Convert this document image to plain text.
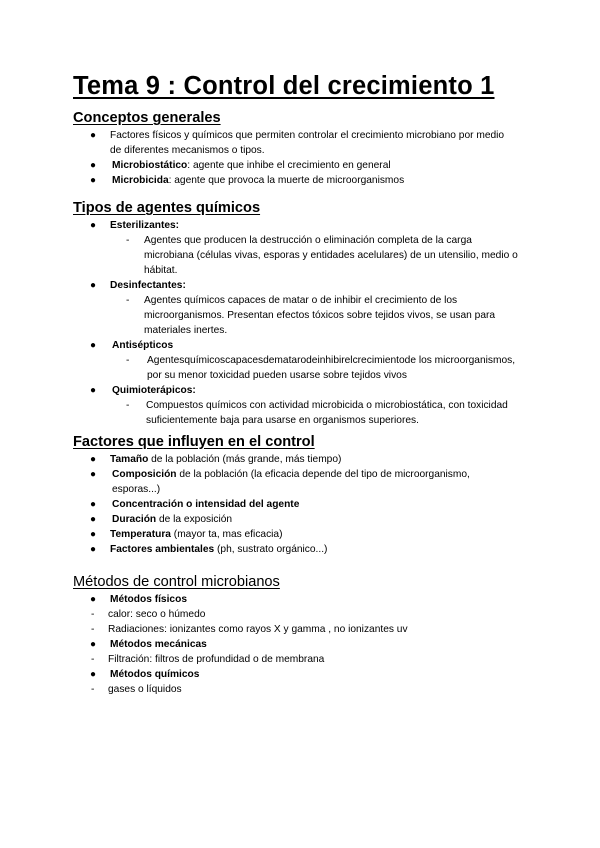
Tema 9 : Control del crecimiento 1
Conceptos generales
● Factores físicos y químicos que permiten controlar el crecimiento microbiano por medio de diferentes mecanismos o tipos.
● Microbiostático: agente que inhibe el crecimiento en general
● Microbicida: agente que provoca la muerte de microorganismos
Tipos de agentes químicos
● Esterilizantes:
- Agentes que producen la destrucción o eliminación completa de la carga microbiana (células vivas, esporas y entidades acelulares) de un utensilio, medio o hábitat.
● Desinfectantes:
- Agentes químicos capaces de matar o de inhibir el crecimiento de los microorganismos. Presentan efectos tóxicos sobre tejidos vivos, se usan para materiales inertes.
● Antisépticos
- Agentesquímicoscapacesdematarodeinhibirelcrecimientode los microorganismos, por su menor toxicidad pueden usarse sobre tejidos vivos
● Quimioterápicos:
- Compuestos químicos con actividad microbicida o microbiostática, con toxicidad suficientemente baja para usarse en organismos superiores.
Factores que influyen en el control
● Tamaño de la población (más grande, más tiempo)
● Composición de la población (la eficacia depende del tipo de microorganismo, esporas...)
● Concentración o intensidad del agente
● Duración de la exposición
● Temperatura (mayor ta, mas eficacia)
● Factores ambientales (ph, sustrato orgánico...)
Métodos de control microbianos
● Métodos físicos
- calor: seco o húmedo
- Radiaciones: ionizantes como rayos X y gamma , no ionizantes uv
● Métodos mecánicas
- Filtración: filtros de profundidad o de membrana
● Métodos químicos
- gases o líquidos
